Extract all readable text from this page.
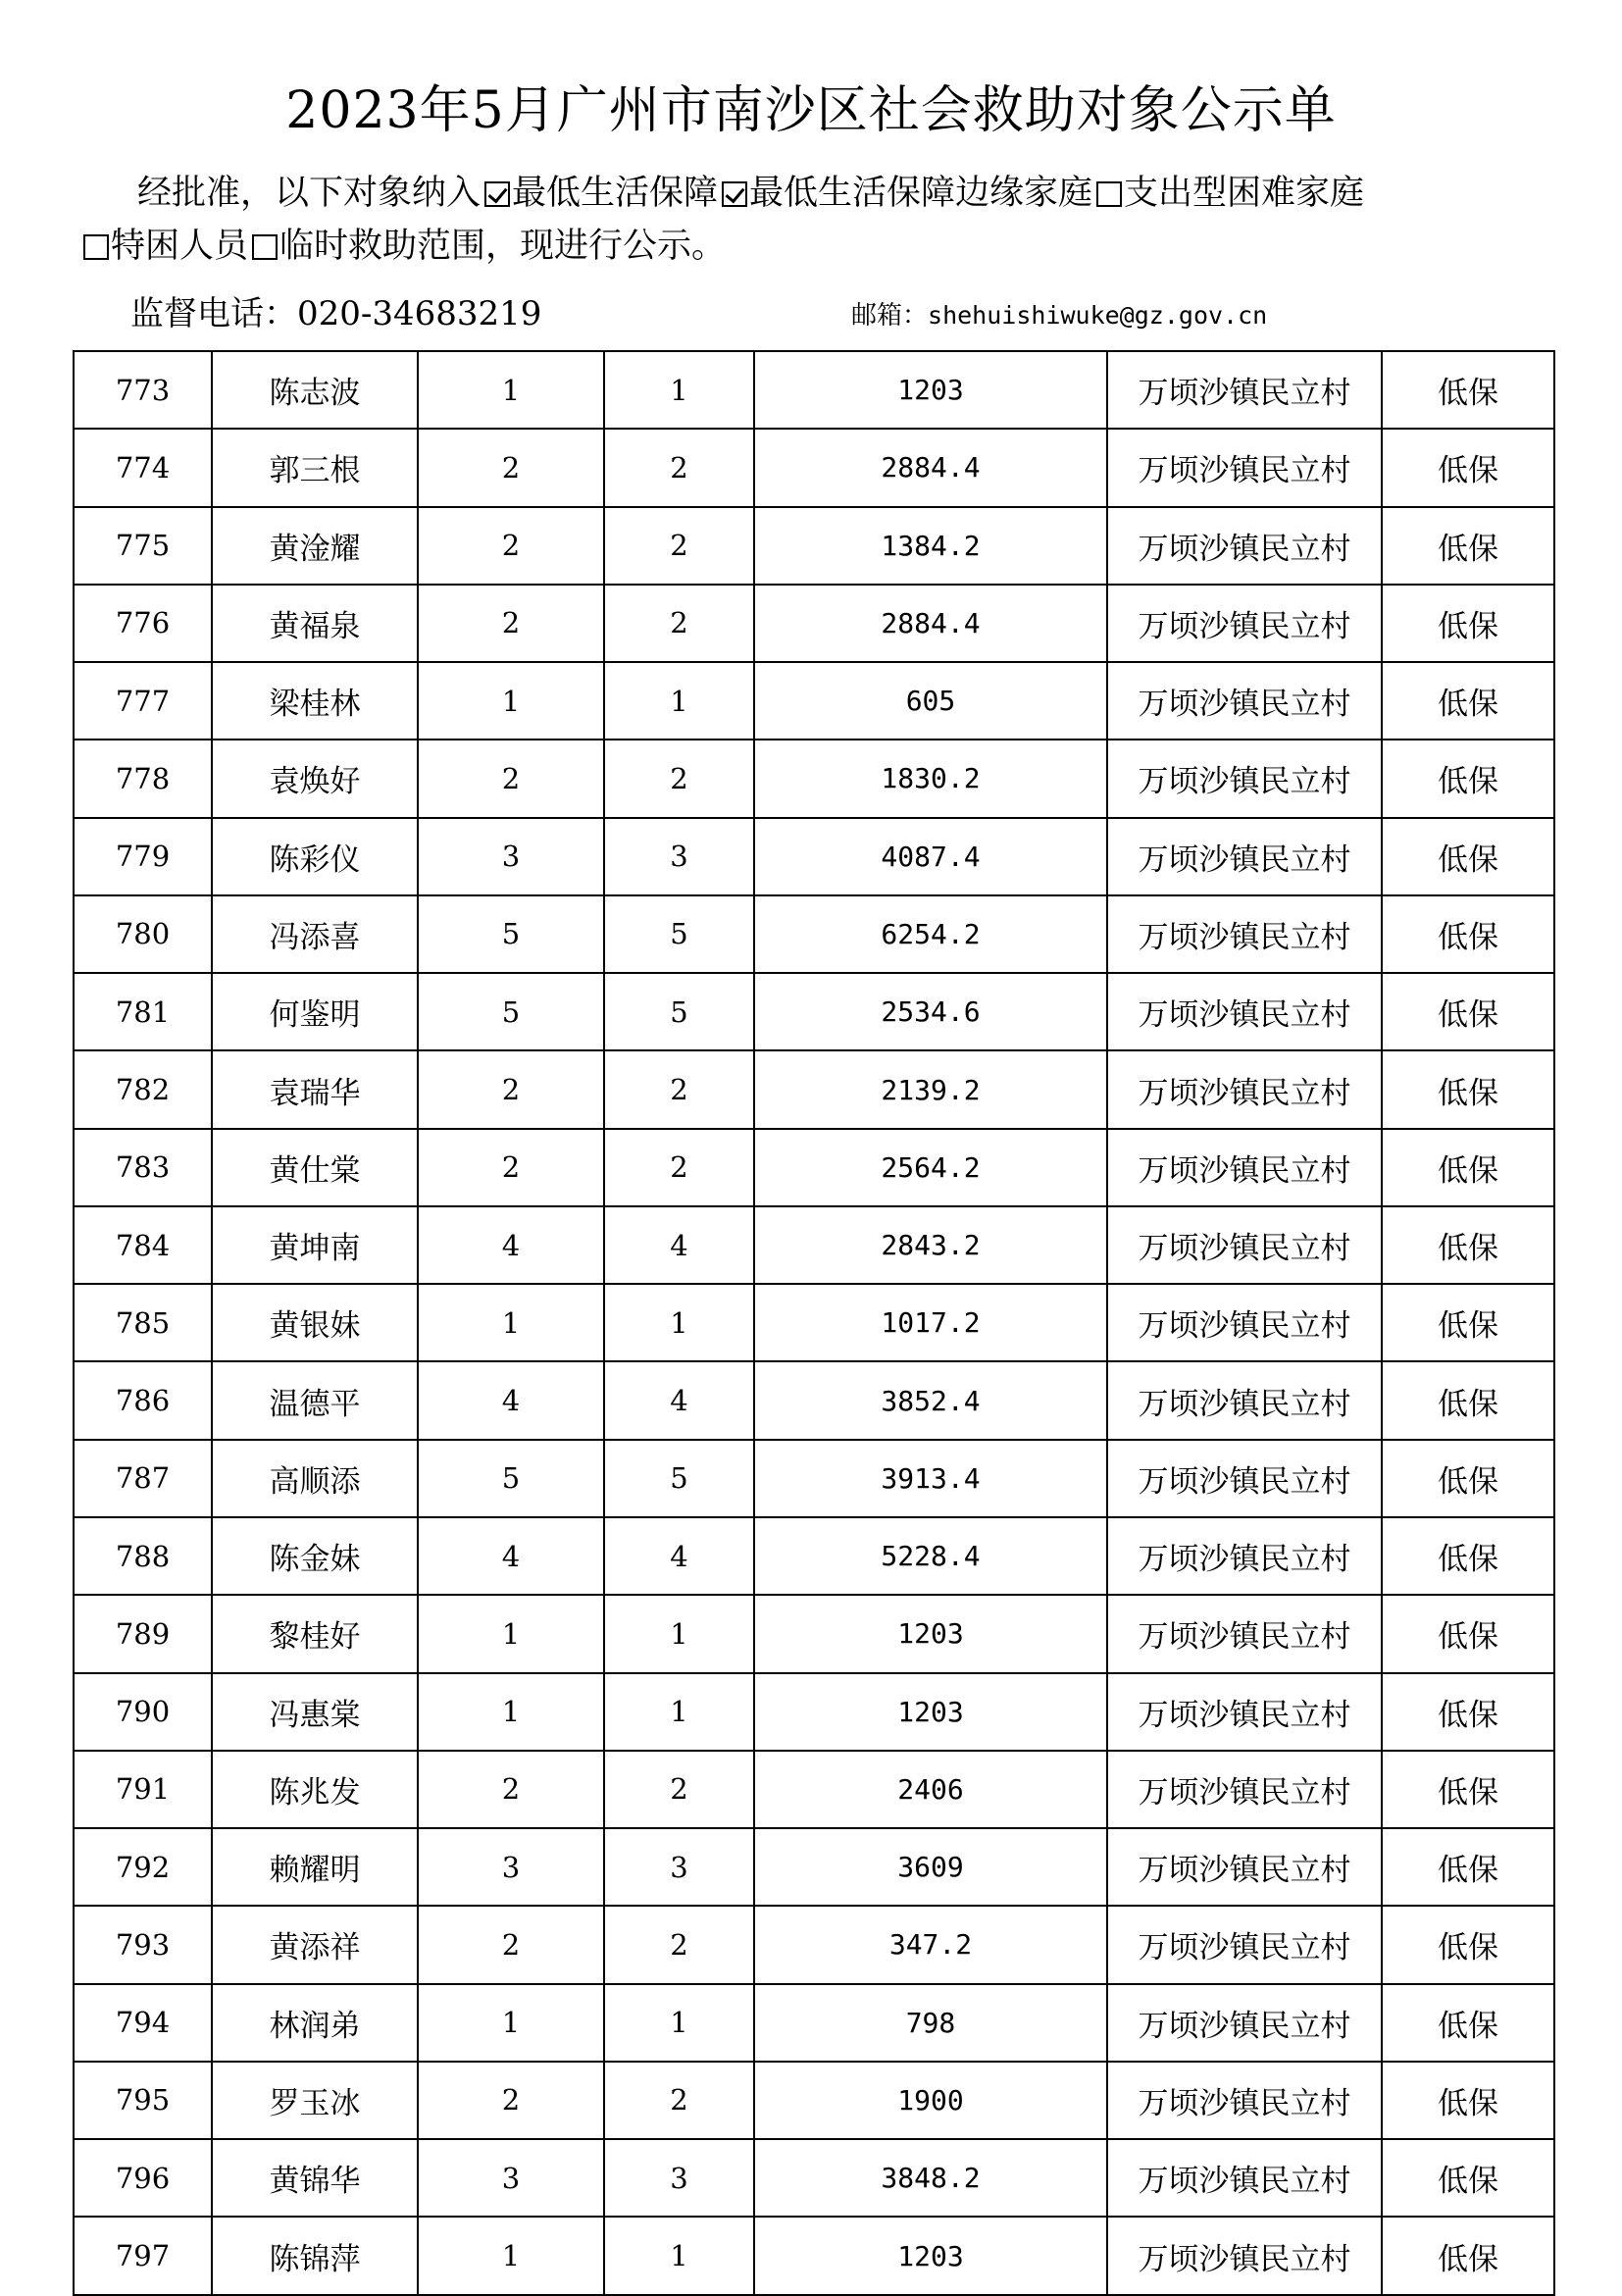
2023年5月广州市南沙区社会救助对象公示单
经批准，以下对象纳入 最低生活保障 最低生活保障边缘家庭 支出型困难家庭
特困人员 临时救助范围，现进行公示。
监督电话：020-34683219	邮箱：shehuishiwuke@gz.gov.cn
773	陈志波	1	1	1203	万顷沙镇民立村	低保
774	郭三根	2	2	2884.4	万顷沙镇民立村	低保
775	黄淦耀	2	2	1384.2	万顷沙镇民立村	低保
776	黄福泉	2	2	2884.4	万顷沙镇民立村	低保
777	梁桂林	1	1	605	万顷沙镇民立村	低保
778	袁焕好	2	2	1830.2	万顷沙镇民立村	低保
779	陈彩仪	3	3	4087.4	万顷沙镇民立村	低保
780	冯添喜	5	5	6254.2	万顷沙镇民立村	低保
781	何鉴明	5	5	2534.6	万顷沙镇民立村	低保
782	袁瑞华	2	2	2139.2	万顷沙镇民立村	低保
783	黄仕棠	2	2	2564.2	万顷沙镇民立村	低保
784	黄坤南	4	4	2843.2	万顷沙镇民立村	低保
785	黄银妹	1	1	1017.2	万顷沙镇民立村	低保
786	温德平	4	4	3852.4	万顷沙镇民立村	低保
787	高顺添	5	5	3913.4	万顷沙镇民立村	低保
788	陈金妹	4	4	5228.4	万顷沙镇民立村	低保
789	黎桂好	1	1	1203	万顷沙镇民立村	低保
790	冯惠棠	1	1	1203	万顷沙镇民立村	低保
791	陈兆发	2	2	2406	万顷沙镇民立村	低保
792	赖耀明	3	3	3609	万顷沙镇民立村	低保
793	黄添祥	2	2	347.2	万顷沙镇民立村	低保
794	林润弟	1	1	798	万顷沙镇民立村	低保
795	罗玉冰	2	2	1900	万顷沙镇民立村	低保
796	黄锦华	3	3	3848.2	万顷沙镇民立村	低保
797	陈锦萍	1	1	1203	万顷沙镇民立村	低保
